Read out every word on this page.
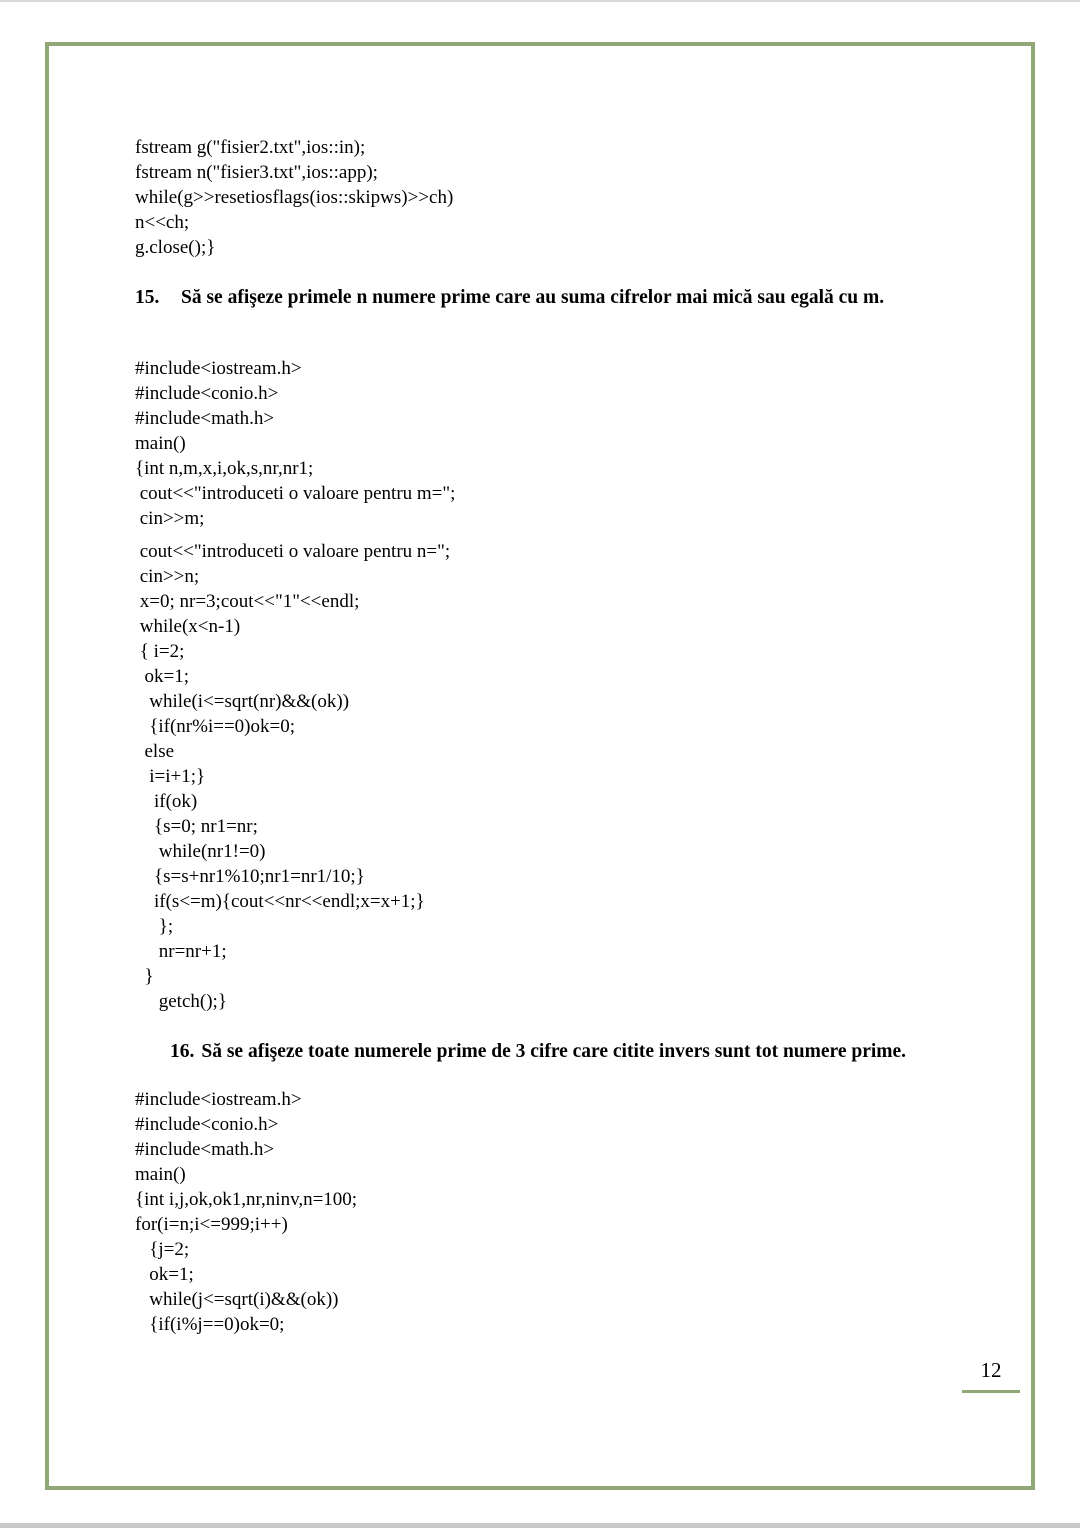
fstream g("fisier2.txt",ios::in);
fstream n("fisier3.txt",ios::app);
while(g>>resetiosflags(ios::skipws)>>ch)
n<<ch;
g.close();}
15. Să se afişeze primele n numere prime care au suma cifrelor mai mică sau egală cu m.
#include<iostream.h>
#include<conio.h>
#include<math.h>
main()
{int n,m,x,i,ok,s,nr,nr1;
cout<<"introduceti o valoare pentru m=";
cin>>m;
cout<<"introduceti o valoare pentru n=";
cin>>n;
x=0; nr=3;cout<<"1"<<endl;
while(x<n-1)
{ i=2;
ok=1;
while(i<=sqrt(nr)&&(ok))
{if(nr%i==0)ok=0;
else
i=i+1;}
if(ok)
{s=0; nr1=nr;
while(nr1!=0)
{s=s+nr1%10;nr1=nr1/10;}
if(s<=m){cout<<nr<<endl;x=x+1;}
};
nr=nr+1;
}
getch();}
16. Să se afişeze toate numerele prime de 3 cifre care citite invers sunt tot numere prime.
#include<iostream.h>
#include<conio.h>
#include<math.h>
main()
{int i,j,ok,ok1,nr,ninv,n=100;
for(i=n;i<=999;i++)
{j=2;
ok=1;
while(j<=sqrt(i)&&(ok))
{if(i%j==0)ok=0;
12
